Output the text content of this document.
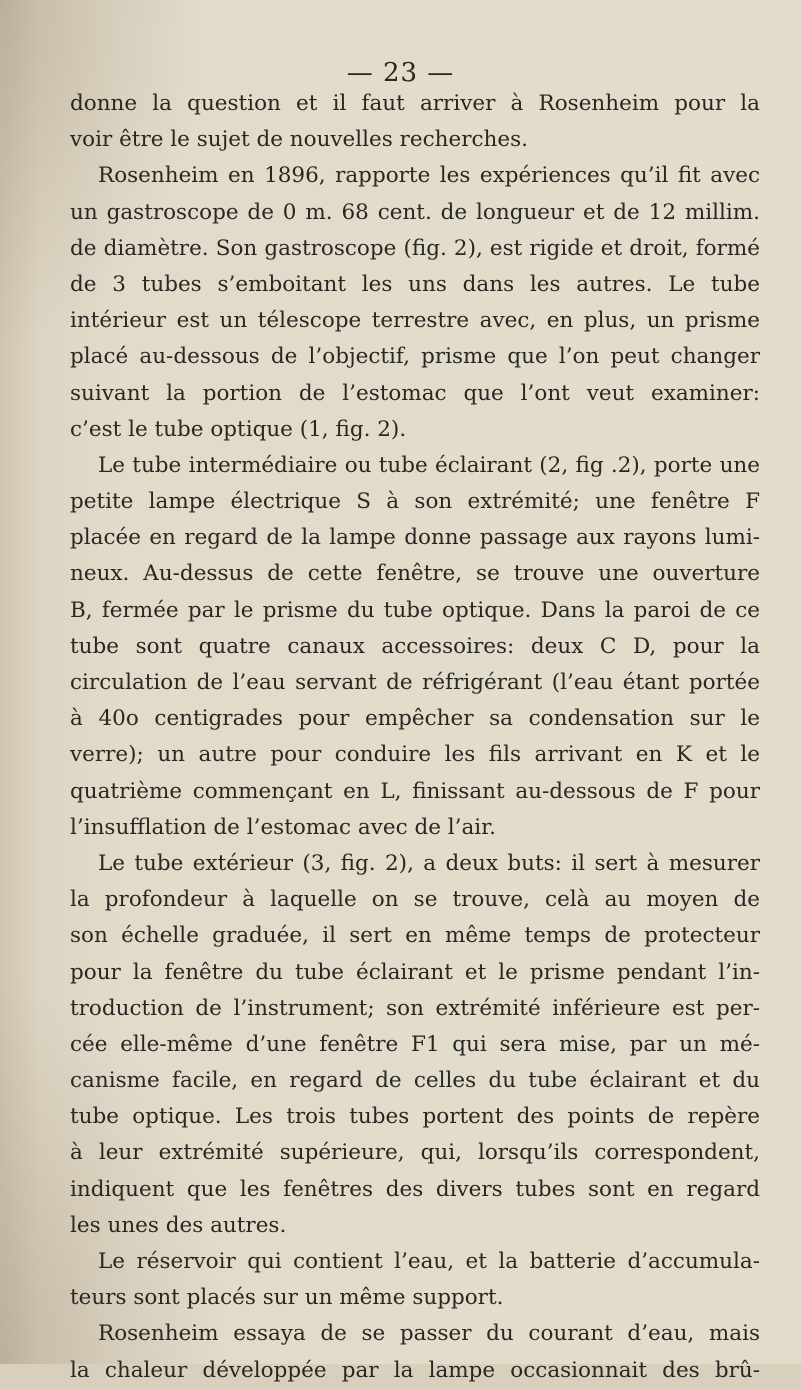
— 23 —
donne la question et il faut arriver à Rosenheim pour la
voir être le sujet de nouvelles recherches.
Rosenheim en 1896, rapporte les expériences qu’il fit avec
un gastroscope de 0 m. 68 cent. de longueur et de 12 millim.
de diamètre. Son gastroscope (fig. 2), est rigide et droit, formé
de 3 tubes s’emboitant les uns dans les autres. Le tube
intérieur est un télescope terrestre avec, en plus, un prisme
placé au-dessous de l’objectif, prisme que l’on peut changer
suivant la portion de l’estomac que l’ont veut examiner:
c’est le tube optique (1, fig. 2).
Le tube intermédiaire ou tube éclairant (2, fig .2), porte une
petite lampe électrique S à son extrémité; une fenêtre F
placée en regard de la lampe donne passage aux rayons lumi-
neux. Au-dessus de cette fenêtre, se trouve une ouverture
B, fermée par le prisme du tube optique. Dans la paroi de ce
tube sont quatre canaux accessoires: deux C D, pour la
circulation de l’eau servant de réfrigérant (l’eau étant portée
à 40o centigrades pour empêcher sa condensation sur le
verre); un autre pour conduire les fils arrivant en K et le
quatrième commençant en L, finissant au-dessous de F pour
l’insufflation de l’estomac avec de l’air.
Le tube extérieur (3, fig. 2), a deux buts: il sert à mesurer
la profondeur à laquelle on se trouve, celà au moyen de
son échelle graduée, il sert en même temps de protecteur
pour la fenêtre du tube éclairant et le prisme pendant l’in-
troduction de l’instrument; son extrémité inférieure est per-
cée elle-même d’une fenêtre F1 qui sera mise, par un mé-
canisme facile, en regard de celles du tube éclairant et du
tube optique. Les trois tubes portent des points de repère
à leur extrémité supérieure, qui, lorsqu’ils correspondent,
indiquent que les fenêtres des divers tubes sont en regard
les unes des autres.
Le réservoir qui contient l’eau, et la batterie d’accumula-
teurs sont placés sur un même support.
Rosenheim essaya de se passer du courant d’eau, mais
la chaleur développée par la lampe occasionnait des brû-
